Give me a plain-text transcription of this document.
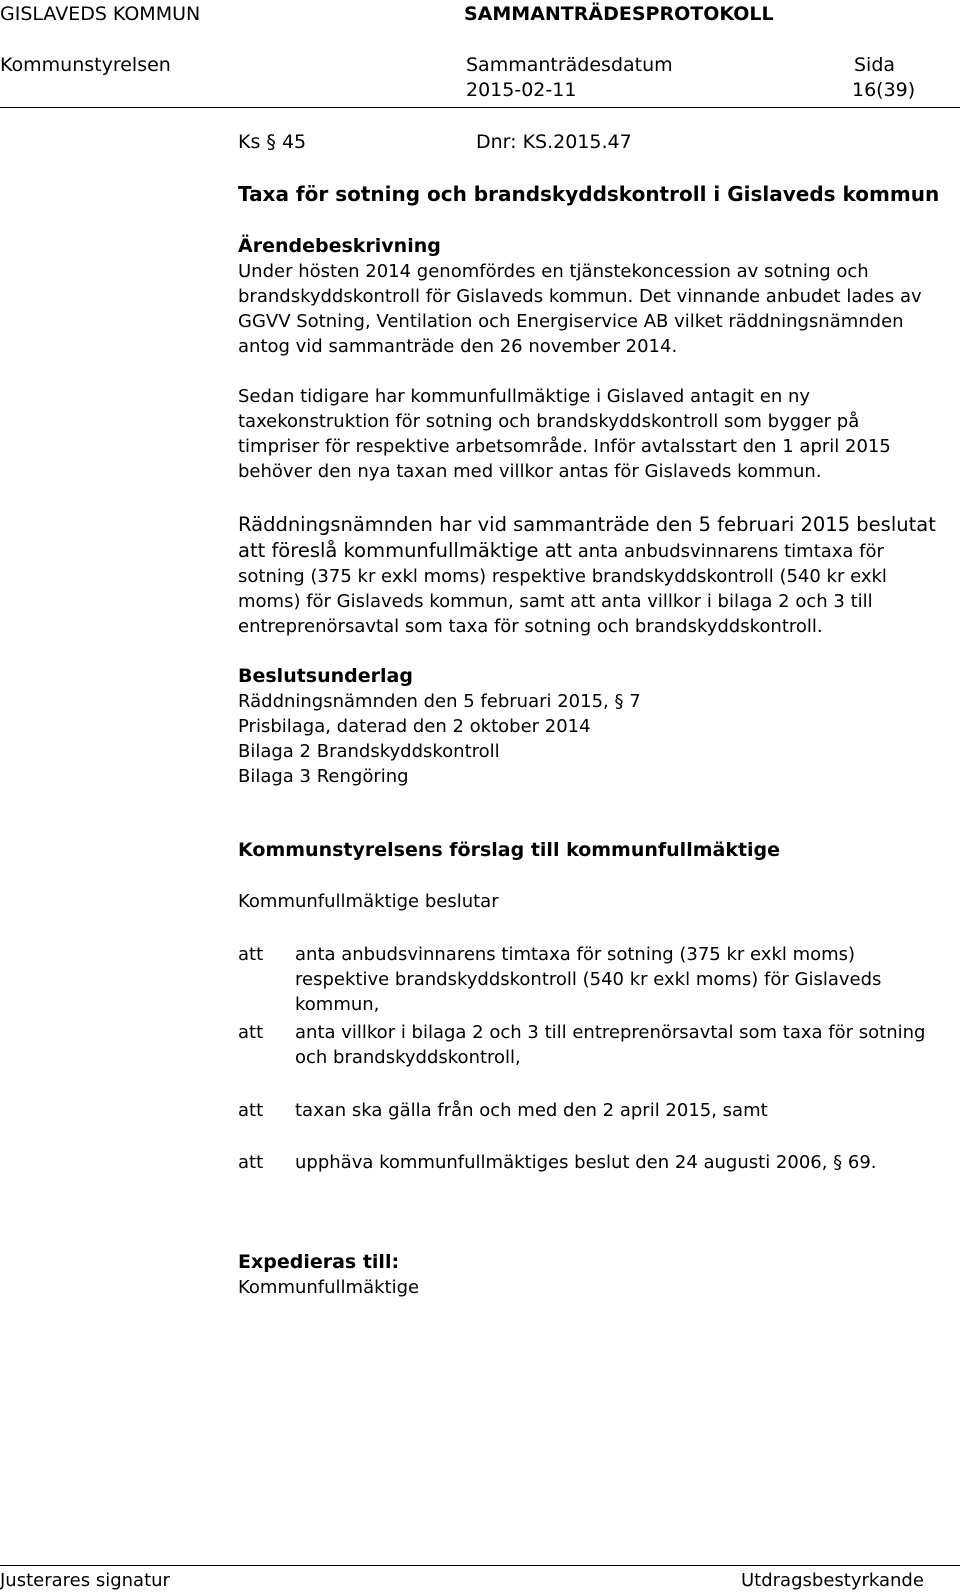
GISLAVEDS KOMMUN	SAMMANTRÄDESPROTOKOLL
Kommunstyrelsen	Sammanträdesdatum	Sida
2015-02-11	16(39)
Ks § 45	Dnr: KS.2015.47
Taxa för sotning och brandskyddskontroll i Gislaveds kommun
Ärendebeskrivning

Under hösten 2014 genomfördes en tjänstekoncession av sotning och brandskyddskontroll för Gislaveds kommun. Det vinnande anbudet lades av GGVV Sotning, Ventilation och Energiservice AB vilket räddningsnämnden antog vid sammanträde den 26 november 2014.

Sedan tidigare har kommunfullmäktige i Gislaved antagit en ny taxekonstruktion för sotning och brandskyddskontroll som bygger på timpriser för respektive arbetsområde. Inför avtalsstart den 1 april 2015 behöver den nya taxan med villkor antas för Gislaveds kommun.

Räddningsnämnden har vid sammanträde den 5 februari 2015 beslutat att föreslå kommunfullmäktige att anta anbudsvinnarens timtaxa för sotning (375 kr exkl moms) respektive brandskyddskontroll (540 kr exkl moms) för Gislaveds kommun, samt att anta villkor i bilaga 2 och 3 till entreprenörsavtal som taxa för sotning och brandskyddskontroll.

Beslutsunderlag
Räddningsnämnden den 5 februari 2015, § 7
Prisbilaga, daterad den 2 oktober 2014
Bilaga 2 Brandskyddskontroll
Bilaga 3 Rengöring
Kommunstyrelsens förslag till kommunfullmäktige
Kommunfullmäktige beslutar
att anta anbudsvinnarens timtaxa för sotning (375 kr exkl moms) respektive brandskyddskontroll (540 kr exkl moms) för Gislaveds kommun,
att anta villkor i bilaga 2 och 3 till entreprenörsavtal som taxa för sotning och brandskyddskontroll,
att taxan ska gälla från och med den 2 april 2015, samt
att upphäva kommunfullmäktiges beslut den 24 augusti 2006, § 69.
Expedieras till:
Kommunfullmäktige
Justerares signatur	Utdragsbestyrkande
